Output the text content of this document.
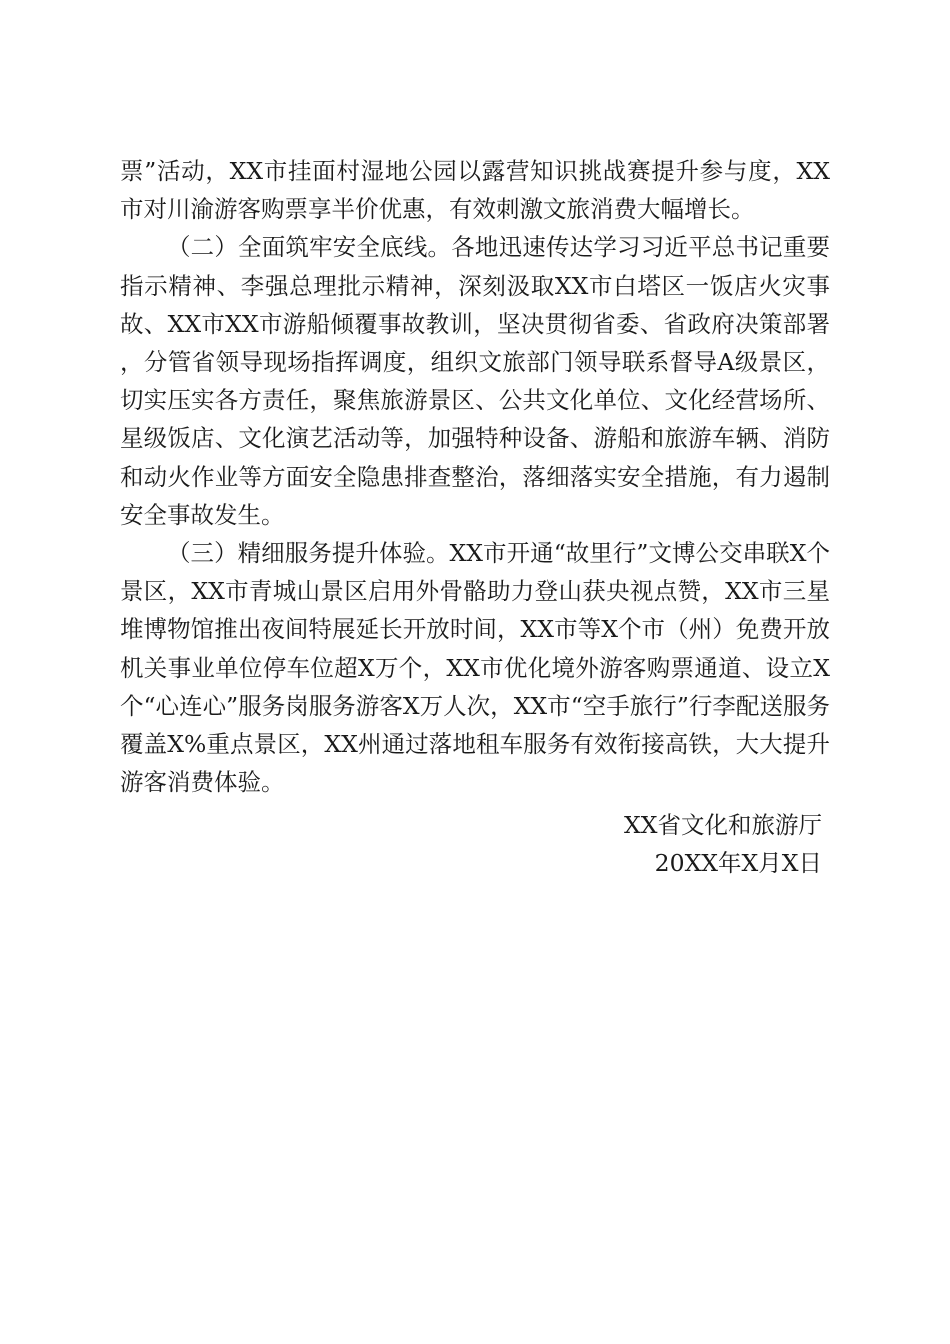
票”活动，XX市挂面村湿地公园以露营知识挑战赛提升参与度，XX市对川渝游客购票享半价优惠，有效刺激文旅消费大幅增长。

（二）全面筑牢安全底线。各地迅速传达学习习近平总书记重要指示精神、李强总理批示精神，深刻汲取XX市白塔区一饭店火灾事故、XX市XX市游船倾覆事故教训，坚决贯彻省委、省政府决策部署，分管省领导现场指挥调度，组织文旅部门领导联系督导A级景区，切实压实各方责任，聚焦旅游景区、公共文化单位、文化经营场所、星级饭店、文化演艺活动等，加强特种设备、游船和旅游车辆、消防和动火作业等方面安全隐患排查整治，落细落实安全措施，有力遏制安全事故发生。

（三）精细服务提升体验。XX市开通“故里行”文博公交串联X个景区，XX市青城山景区启用外骨骼助力登山获央视点赞，XX市三星堆博物馆推出夜间特展延长开放时间，XX市等X个市（州）免费开放机关事业单位停车位超X万个，XX市优化境外游客购票通道、设立X个“心连心”服务岗服务游客X万人次，XX市“空手旅行”行李配送服务覆盖X%重点景区，XX州通过落地租车服务有效衔接高铁，大大提升游客消费体验。

XX省文化和旅游厅
20XX年X月X日
